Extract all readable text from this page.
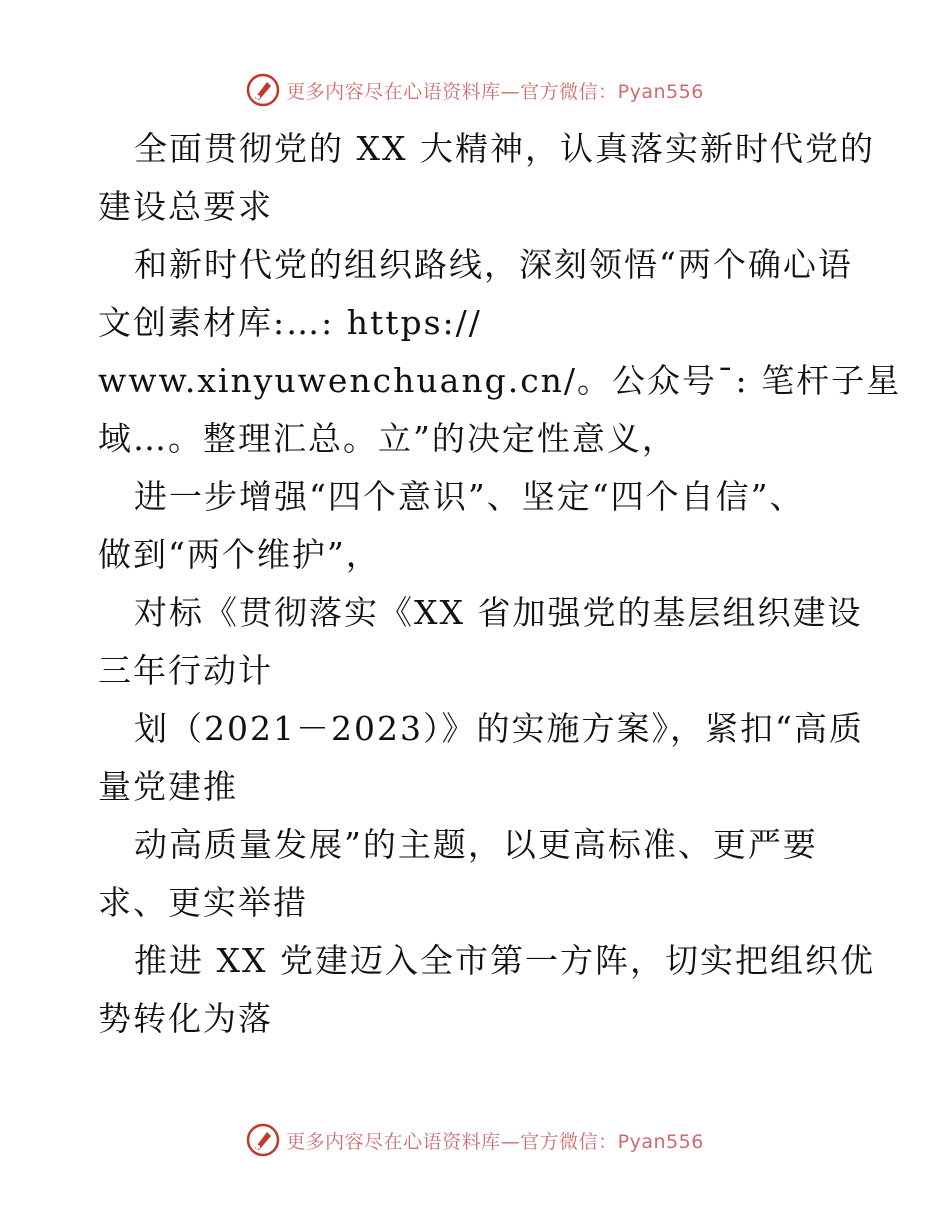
更多内容尽在心语资料库—官方微信：Pyan556
全面贯彻党的 XX 大精神，认真落实新时代党的
建设总要求
和新时代党的组织路线，深刻领悟“两个确心语
文创素材库:…: https://
www.xinyuwenchuang.cn/。公众号¯: 笔杆子星
域…。整理汇总。立”的决定性意义，
进一步增强“四个意识”、坚定“四个自信”、
做到“两个维护”，
对标《贯彻落实《XX 省加强党的基层组织建设
三年行动计
划（2021－2023）》的实施方案》，紧扣“高质
量党建推
动高质量发展”的主题，以更高标准、更严要
求、更实举措
推进 XX 党建迈入全市第一方阵，切实把组织优
势转化为落
更多内容尽在心语资料库—官方微信：Pyan556
